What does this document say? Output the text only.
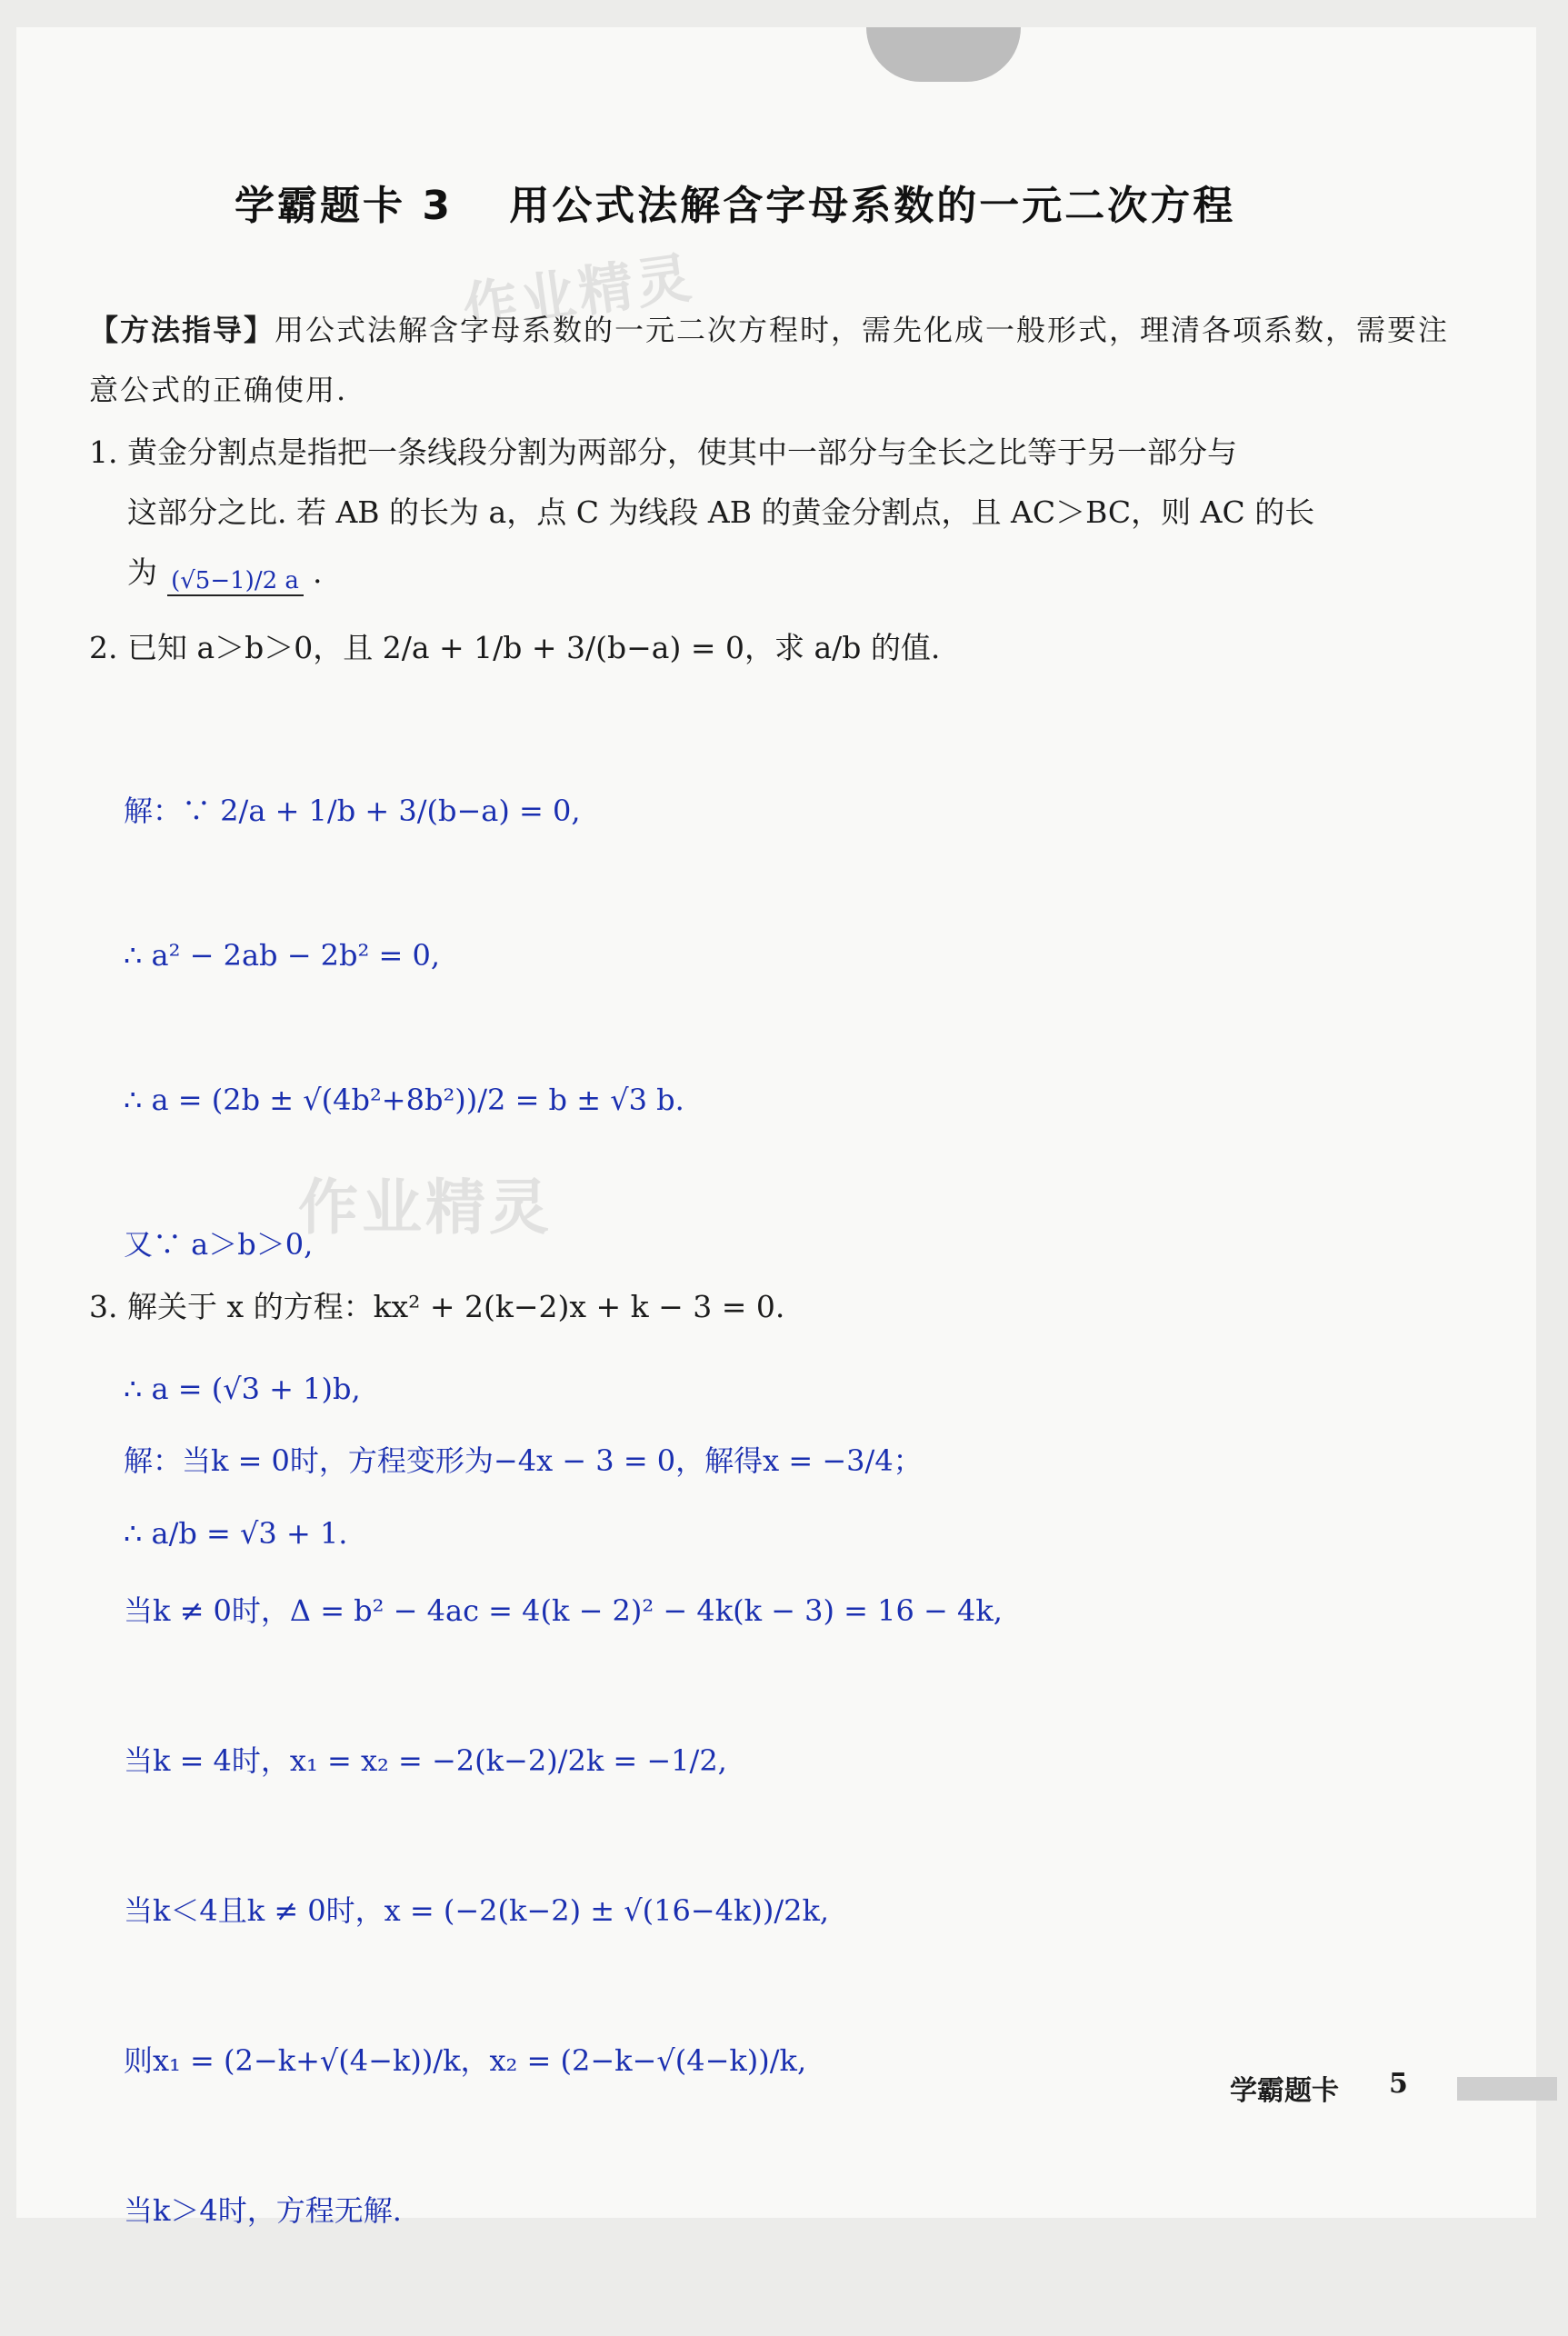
学霸题卡 3 用公式法解含字母系数的一元二次方程
作业精灵
【方法指导】用公式法解含字母系数的一元二次方程时，需先化成一般形式，理清各项系数，需要注意公式的正确使用.
1. 黄金分割点是指把一条线段分割为两部分，使其中一部分与全长之比等于另一部分与
这部分之比. 若 AB 的长为 a，点 C 为线段 AB 的黄金分割点，且 AC＞BC，则 AC 的长
为 (√5−1)/2 a .
2. 已知 a＞b＞0，且 2/a + 1/b + 3/(b−a) = 0，求 a/b 的值.

解：∵ 2/a + 1/b + 3/(b−a) = 0,

∴ a² − 2ab − 2b² = 0,

∴ a = (2b ± √(4b²+8b²))/2 = b ± √3 b.

又∵ a＞b＞0,

∴ a = (√3 + 1)b,

∴ a/b = √3 + 1.

作业精灵
3. 解关于 x 的方程：kx² + 2(k−2)x + k − 3 = 0.

解：当k = 0时，方程变形为−4x − 3 = 0，解得x = −3/4；

当k ≠ 0时，Δ = b² − 4ac = 4(k − 2)² − 4k(k − 3) = 16 − 4k,

当k = 4时，x₁ = x₂ = −2(k−2)/2k = −1/2,

当k＜4且k ≠ 0时，x = (−2(k−2) ± √(16−4k))/2k,

则x₁ = (2−k+√(4−k))/k，x₂ = (2−k−√(4−k))/k,

当k＞4时，方程无解.

学霸题卡 5
